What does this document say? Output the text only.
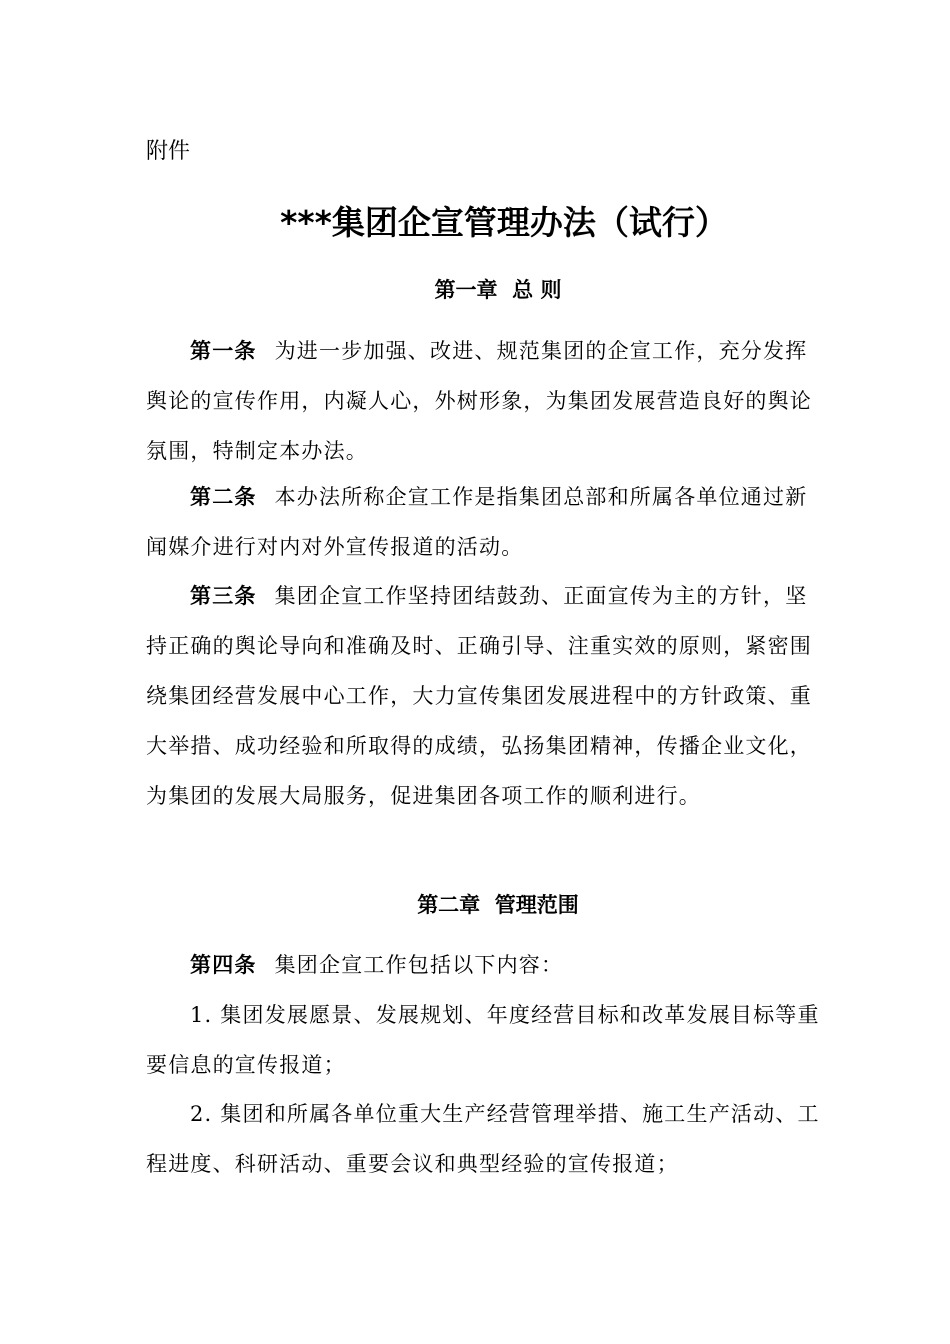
附件
***集团企宣管理办法（试行）
第一章  总 则

第一条 为进一步加强、改进、规范集团的企宣工作，充分发挥舆论的宣传作用，内凝人心，外树形象，为集团发展营造良好的舆论氛围，特制定本办法。

第二条 本办法所称企宣工作是指集团总部和所属各单位通过新闻媒介进行对内对外宣传报道的活动。

第三条 集团企宣工作坚持团结鼓劲、正面宣传为主的方针，坚持正确的舆论导向和准确及时、正确引导、注重实效的原则，紧密围绕集团经营发展中心工作，大力宣传集团发展进程中的方针政策、重大举措、成功经验和所取得的成绩，弘扬集团精神，传播企业文化，为集团的发展大局服务，促进集团各项工作的顺利进行。

第二章  管理范围

第四条 集团企宣工作包括以下内容：

1. 集团发展愿景、发展规划、年度经营目标和改革发展目标等重要信息的宣传报道；

2. 集团和所属各单位重大生产经营管理举措、施工生产活动、工程进度、科研活动、重要会议和典型经验的宣传报道；
